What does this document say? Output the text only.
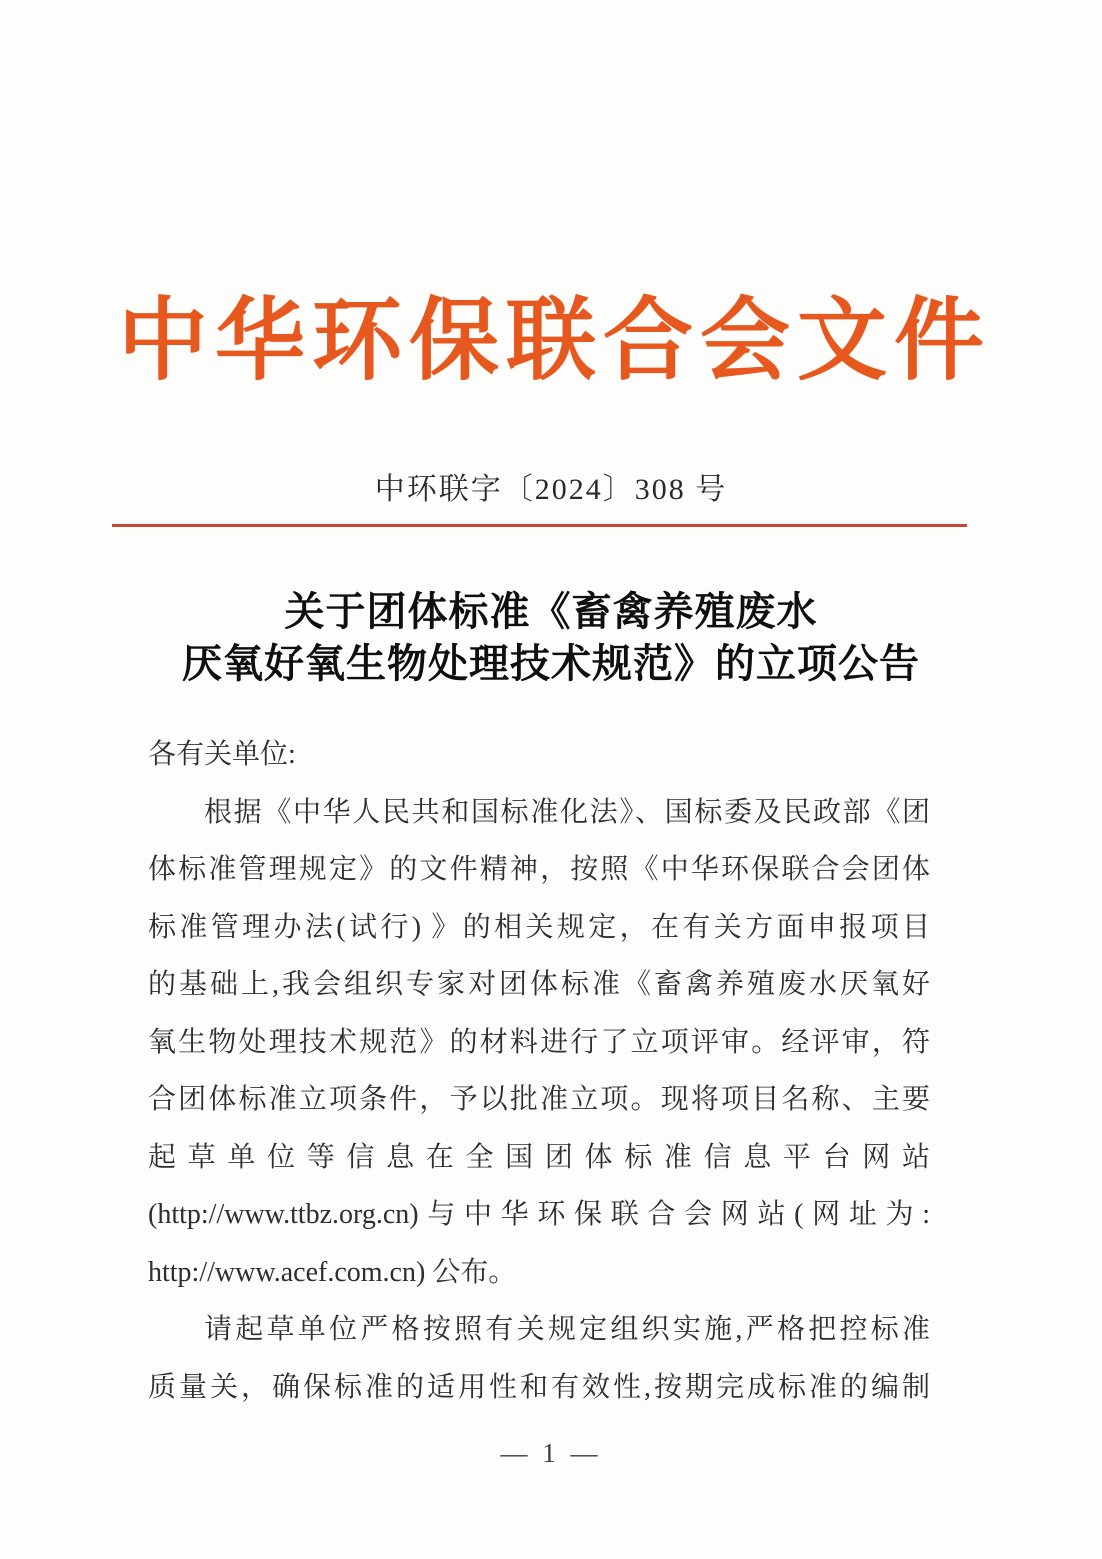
中华环保联合会文件
中环联字〔2024〕308 号
关于团体标准《畜禽养殖废水
厌氧好氧生物处理技术规范》的立项公告
各有关单位:
根据《中华人民共和国标准化法》、国标委及民政部《团
体标准管理规定》的文件精神，按照《中华环保联合会团体
标准管理办法(试行) 》的相关规定，在有关方面申报项目
的基础上,我会组织专家对团体标准《畜禽养殖废水厌氧好
氧生物处理技术规范》的材料进行了立项评审。经评审，符
合团体标准立项条件，予以批准立项。现将项目名称、主要
起草单位等信息在全国团体标准信息平台网站
(http://www.ttbz.org.cn)与中华环保联合会网站(网址为:
http://www.acef.com.cn) 公布。
请起草单位严格按照有关规定组织实施,严格把控标准
质量关，确保标准的适用性和有效性,按期完成标准的编制
— 1 —
